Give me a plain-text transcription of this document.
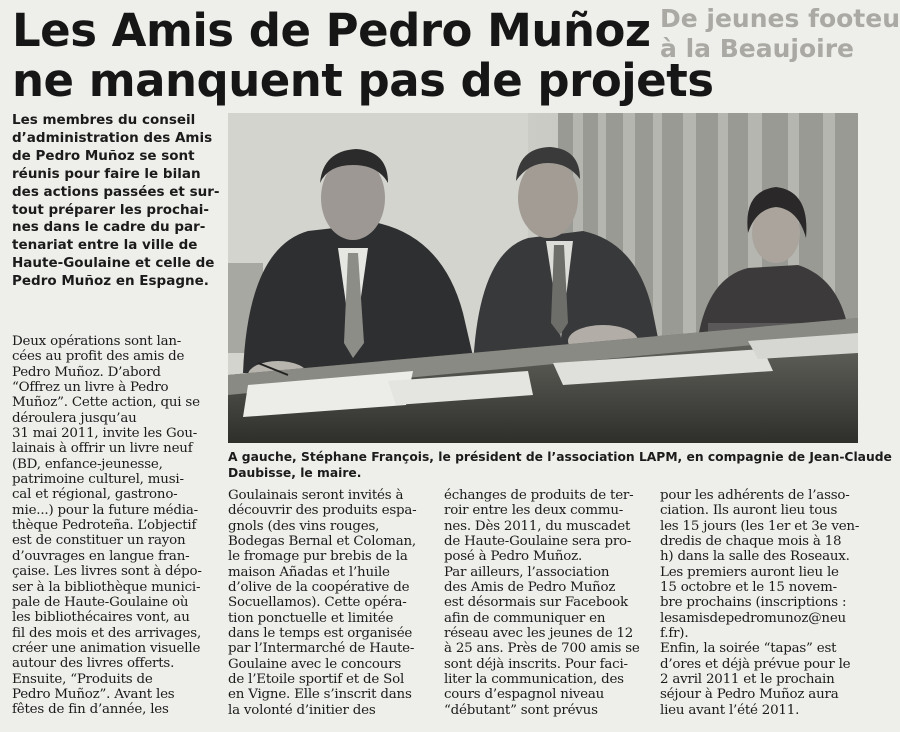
Les Amis de Pedro Muñoz
ne manquent pas de projets
De jeunes footeu
à la Beaujoire
Les membres du conseil
d’administration des Amis
de Pedro Muñoz se sont
réunis pour faire le bilan
des actions passées et sur-
tout préparer les prochai-
nes dans le cadre du par-
tenariat entre la ville de
Haute-Goulaine et celle de
Pedro Muñoz en Espagne.
A gauche, Stéphane François, le président de l’association LAPM, en compagnie de Jean-Claude
Daubisse, le maire.
Deux opérations sont lan-
cées au profit des amis de
Pedro Muñoz. D’abord
“Offrez un livre à Pedro
Muñoz”. Cette action, qui se
déroulera jusqu’au
31 mai 2011, invite les Gou-
lainais à offrir un livre neuf
(BD, enfance-jeunesse,
patrimoine culturel, musi-
cal et régional, gastrono-
mie...) pour la future média-
thèque Pedroteña. L’objectif
est de constituer un rayon
d’ouvrages en langue fran-
çaise. Les livres sont à dépo-
ser à la bibliothèque munici-
pale de Haute-Goulaine où
les bibliothécaires vont, au
fil des mois et des arrivages,
créer une animation visuelle
autour des livres offerts.
Ensuite, “Produits de
Pedro Muñoz”. Avant les
fêtes de fin d’année, les
Goulainais seront invités à
découvrir des produits espa-
gnols (des vins rouges,
Bodegas Bernal et Coloman,
le fromage pur brebis de la
maison Añadas et l’huile
d’olive de la coopérative de
Socuellamos). Cette opéra-
tion ponctuelle et limitée
dans le temps est organisée
par l’Intermarché de Haute-
Goulaine avec le concours
de l’Etoile sportif et de Sol
en Vigne. Elle s’inscrit dans
la volonté d’initier des
échanges de produits de ter-
roir entre les deux commu-
nes. Dès 2011, du muscadet
de Haute-Goulaine sera pro-
posé à Pedro Muñoz.
Par ailleurs, l’association
des Amis de Pedro Muñoz
est désormais sur Facebook
afin de communiquer en
réseau avec les jeunes de 12
à 25 ans. Près de 700 amis se
sont déjà inscrits. Pour faci-
liter la communication, des
cours d’espagnol niveau
“débutant” sont prévus
pour les adhérents de l’asso-
ciation. Ils auront lieu tous
les 15 jours (les 1er et 3e ven-
dredis de chaque mois à 18
h) dans la salle des Roseaux.
Les premiers auront lieu le
15 octobre et le 15 novem-
bre prochains (inscriptions :
lesamisdepedromunoz@neu
f.fr).
Enfin, la soirée “tapas” est
d’ores et déjà prévue pour le
2 avril 2011 et le prochain
séjour à Pedro Muñoz aura
lieu avant l’été 2011.
